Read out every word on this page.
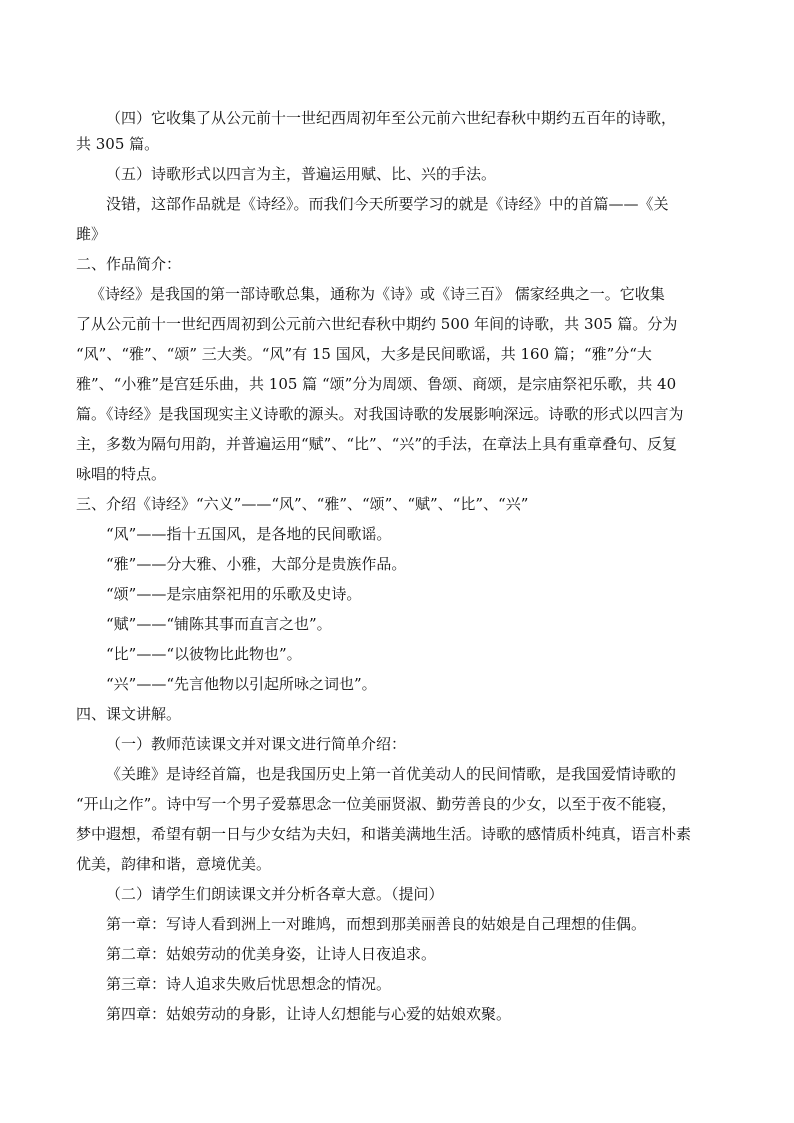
（四）它收集了从公元前十一世纪西周初年至公元前六世纪春秋中期约五百年的诗歌，
共 305 篇。
（五）诗歌形式以四言为主，普遍运用赋、比、兴的手法。
没错，这部作品就是《诗经》。而我们今天所要学习的就是《诗经》中的首篇——《关
雎》
二、作品简介：
《诗经》是我国的第一部诗歌总集，通称为《诗》或《诗三百》 儒家经典之一。它收集
了从公元前十一世纪西周初到公元前六世纪春秋中期约 500 年间的诗歌，共 305 篇。分为
“风”、“雅”、“颂” 三大类。“风”有 15 国风，大多是民间歌谣，共 160 篇；“雅”分“大
雅”、“小雅”是宫廷乐曲，共 105 篇 “颂”分为周颂、鲁颂、商颂，是宗庙祭祀乐歌，共 40
篇。《诗经》是我国现实主义诗歌的源头。对我国诗歌的发展影响深远。诗歌的形式以四言为
主，多数为隔句用韵，并普遍运用“赋”、“比”、“兴”的手法，在章法上具有重章叠句、反复
咏唱的特点。
三、介绍《诗经》“六义”——“风”、“雅”、“颂”、“赋”、“比”、“兴”
“风”——指十五国风，是各地的民间歌谣。
“雅”——分大雅、小雅，大部分是贵族作品。
“颂”——是宗庙祭祀用的乐歌及史诗。
“赋”——“铺陈其事而直言之也”。
“比”——“以彼物比此物也”。
“兴”——“先言他物以引起所咏之词也”。
四、课文讲解。
（一）教师范读课文并对课文进行简单介绍：
《关雎》是诗经首篇，也是我国历史上第一首优美动人的民间情歌，是我国爱情诗歌的
“开山之作”。诗中写一个男子爱慕思念一位美丽贤淑、勤劳善良的少女，以至于夜不能寝，
梦中遐想，希望有朝一日与少女结为夫妇，和谐美满地生活。诗歌的感情质朴纯真，语言朴素
优美，韵律和谐，意境优美。
（二）请学生们朗读课文并分析各章大意。（提问）
第一章：写诗人看到洲上一对雎鸠，而想到那美丽善良的姑娘是自己理想的佳偶。
第二章：姑娘劳动的优美身姿，让诗人日夜追求。
第三章：诗人追求失败后忧思想念的情况。
第四章：姑娘劳动的身影，让诗人幻想能与心爱的姑娘欢聚。
